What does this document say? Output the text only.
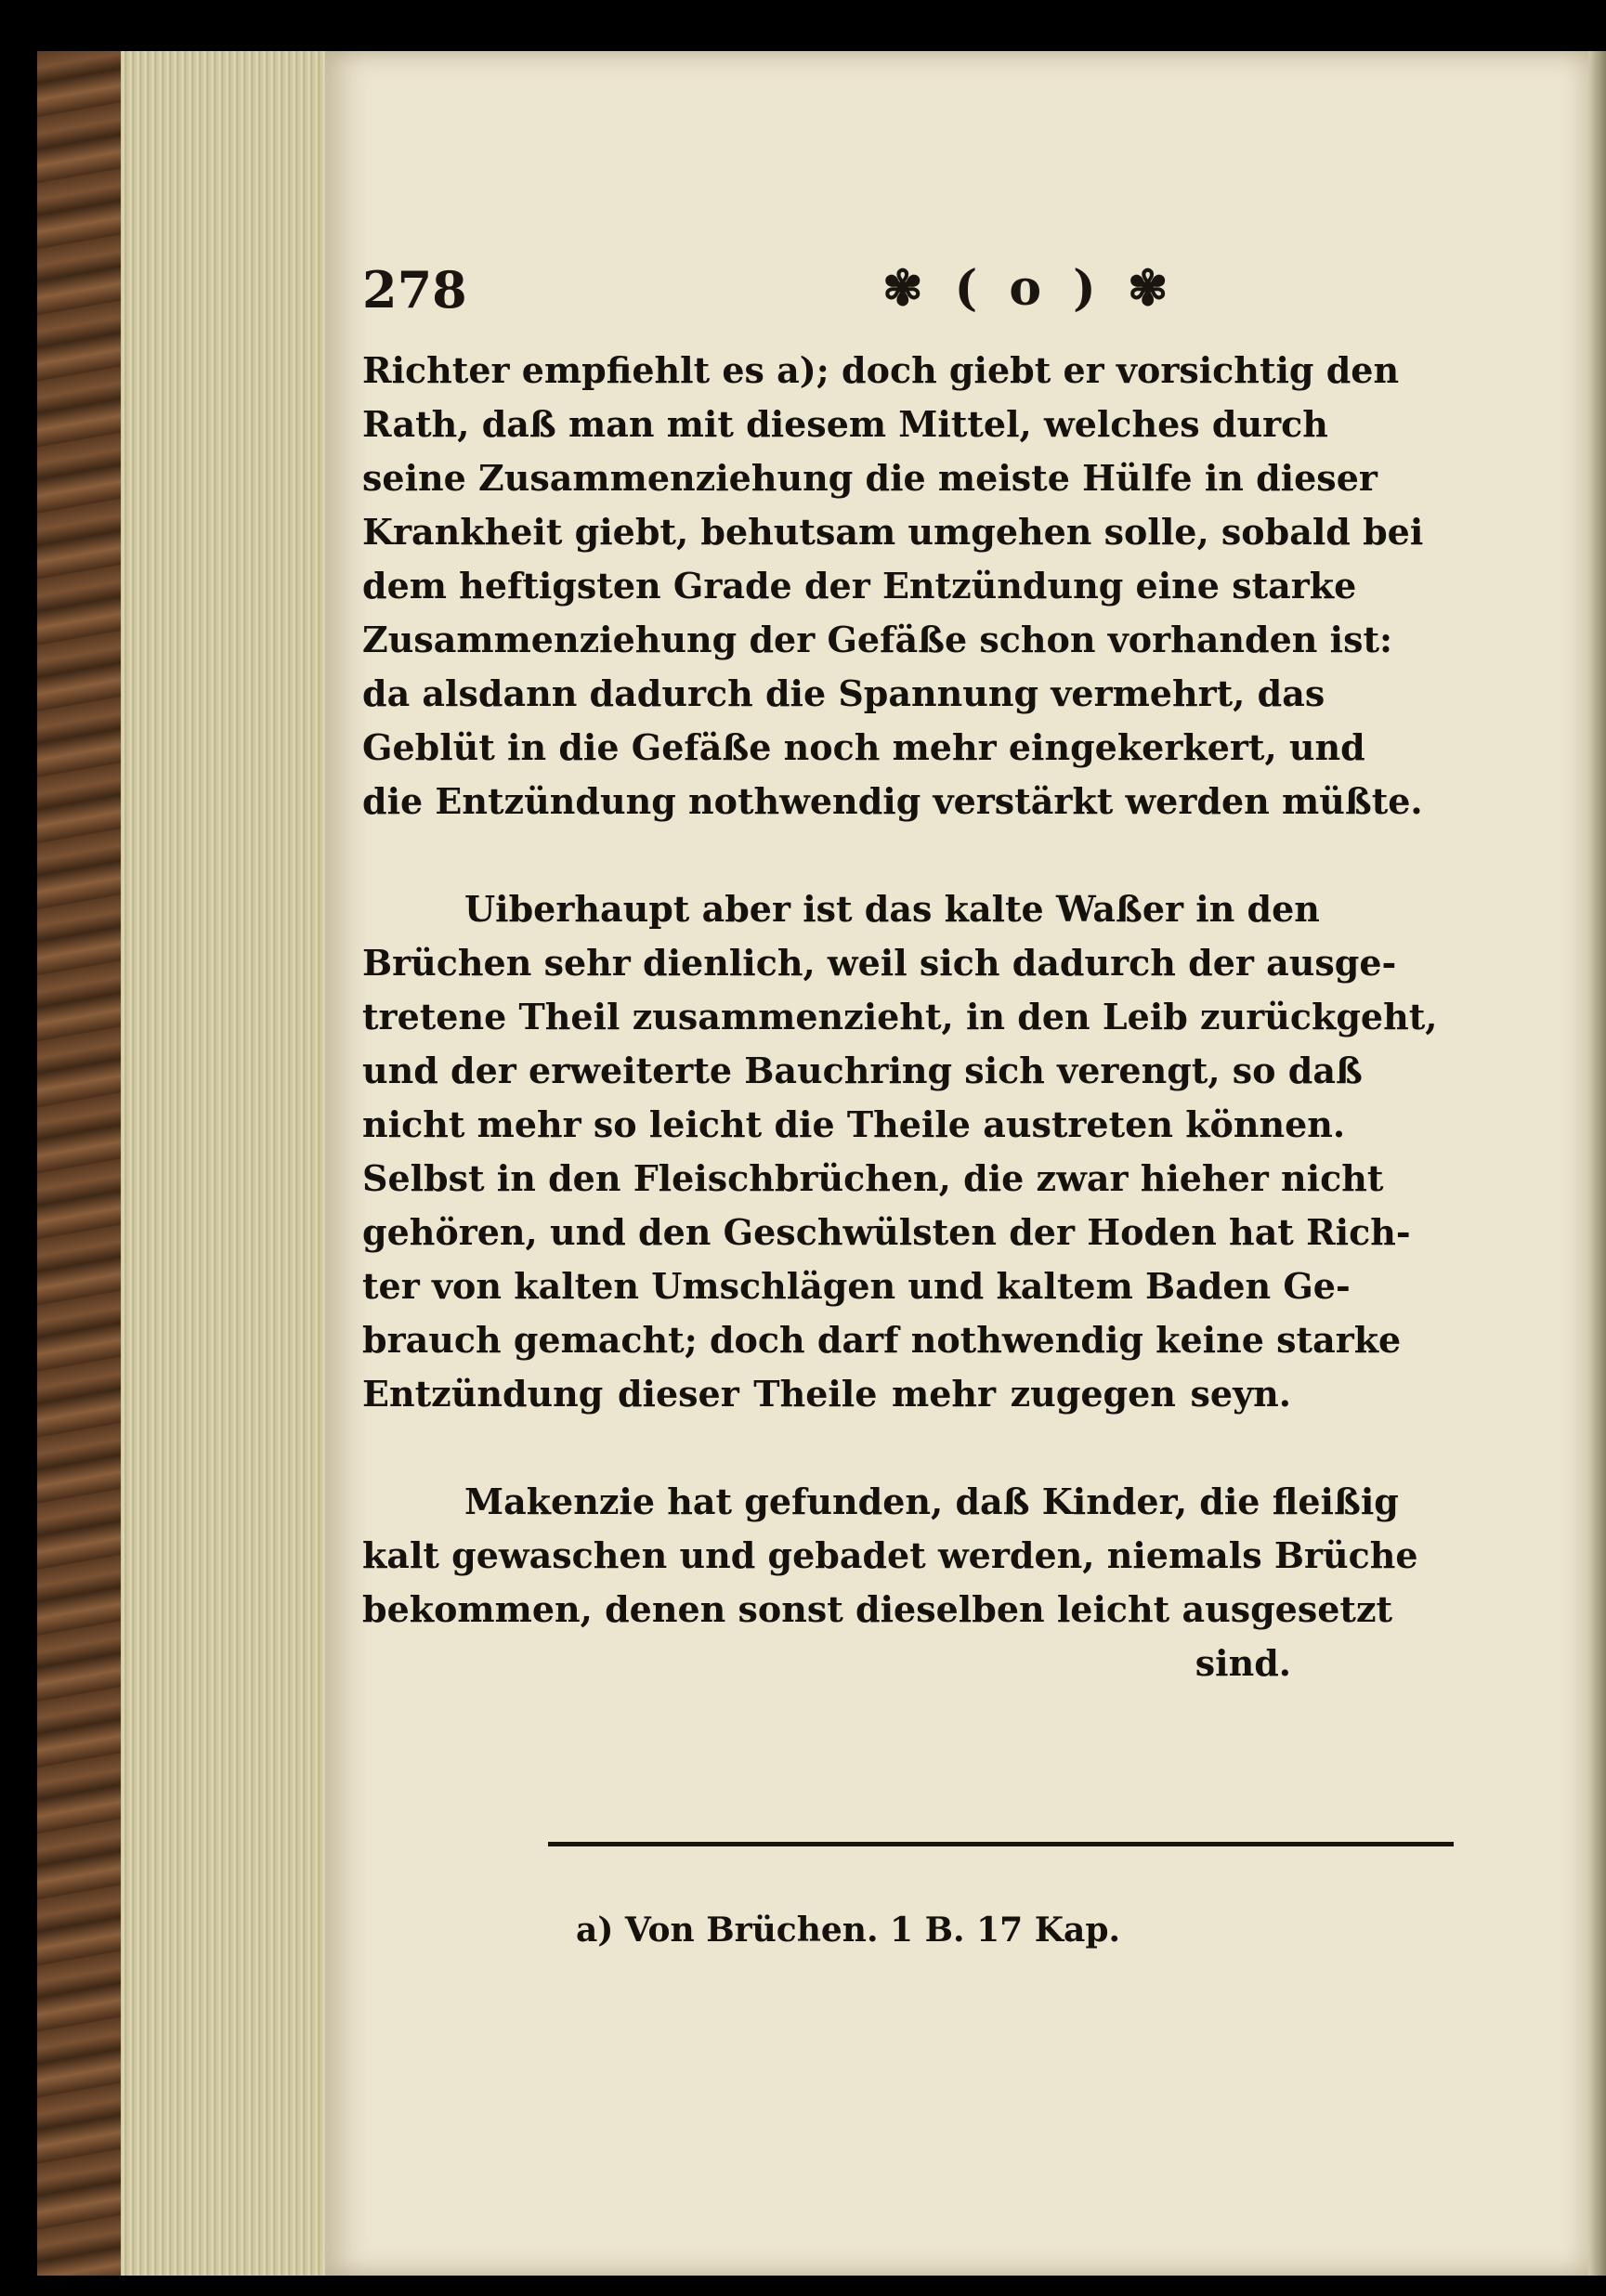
278	✾ ( o ) ✾
Richter empfiehlt es a); doch giebt er vorsichtig den
Rath, daß man mit diesem Mittel, welches durch
seine Zusammenziehung die meiste Hülfe in dieser
Krankheit giebt, behutsam umgehen solle, sobald bei
dem heftigsten Grade der Entzündung eine starke
Zusammenziehung der Gefäße schon vorhanden ist:
da alsdann dadurch die Spannung vermehrt, das
Geblüt in die Gefäße noch mehr eingekerkert, und
die Entzündung nothwendig verstärkt werden müßte.
Uiberhaupt aber ist das kalte Waßer in den
Brüchen sehr dienlich, weil sich dadurch der ausge-
tretene Theil zusammenzieht, in den Leib zurückgeht,
und der erweiterte Bauchring sich verengt, so daß
nicht mehr so leicht die Theile austreten können.
Selbst in den Fleischbrüchen, die zwar hieher nicht
gehören, und den Geschwülsten der Hoden hat Rich-
ter von kalten Umschlägen und kaltem Baden Ge-
brauch gemacht; doch darf nothwendig keine starke
Entzündung dieser Theile mehr zugegen seyn.
Makenzie hat gefunden, daß Kinder, die fleißig
kalt gewaschen und gebadet werden, niemals Brüche
bekommen, denen sonst dieselben leicht ausgesetzt
sind.
a) Von Brüchen. 1 B. 17 Kap.
